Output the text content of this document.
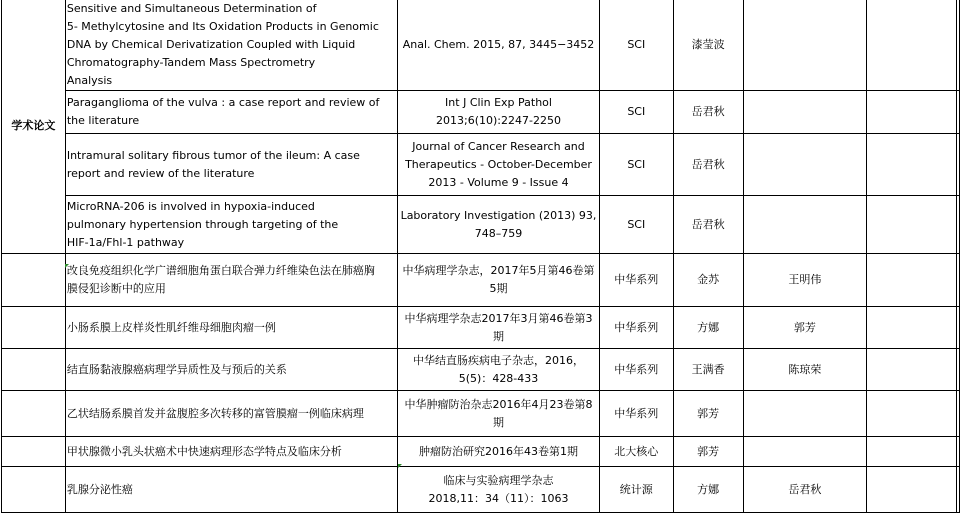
学术论文	Sensitive and Simultaneous Determination of
5- Methylcytosine and Its Oxidation Products in Genomic
DNA by Chemical Derivatization Coupled with Liquid
Chromatography-Tandem Mass Spectrometry
Analysis	Anal. Chem. 2015, 87, 3445−3452	SCI	漆莹波			

	Paraganglioma of the vulva : a case report and review of
the literature	Int J Clin Exp Pathol
2013;6(10):2247-2250	SCI	岳君秋			

	Intramural solitary fibrous tumor of the ileum: A case
report and review of the literature	Journal of Cancer Research and
Therapeutics - October-December
2013 - Volume 9 - Issue 4	SCI	岳君秋			

	MicroRNA-206 is involved in hypoxia-induced
pulmonary hypertension through targeting of the
HIF-1a/Fhl-1 pathway	Laboratory Investigation (2013) 93,
748–759	SCI	岳君秋			

	改良免疫组织化学广谱细胞角蛋白联合弹力纤维染色法在肺癌胸
膜侵犯诊断中的应用	中华病理学杂志，2017年5月第46卷第
5期	中华系列	金苏	王明伟		

	小肠系膜上皮样炎性肌纤维母细胞肉瘤一例	中华病理学杂志2017年3月第46卷第3
期	中华系列	方娜	郭芳		

	结直肠黏液腺癌病理学异质性及与预后的关系	中华结直肠疾病电子杂志，2016，
5(5)：428-433	中华系列	王满香	陈琼荣		

	乙状结肠系膜首发并盆腹腔多次转移的富管膜瘤一例临床病理	中华肿瘤防治杂志2016年4月23卷第8
期	中华系列	郭芳			

	甲状腺微小乳头状癌术中快速病理形态学特点及临床分析	肿瘤防治研究2016年43卷第1期	北大核心	郭芳			

	乳腺分泌性癌	临床与实验病理学杂志
2018,11：34（11）：1063	统计源	方娜	岳君秋		
